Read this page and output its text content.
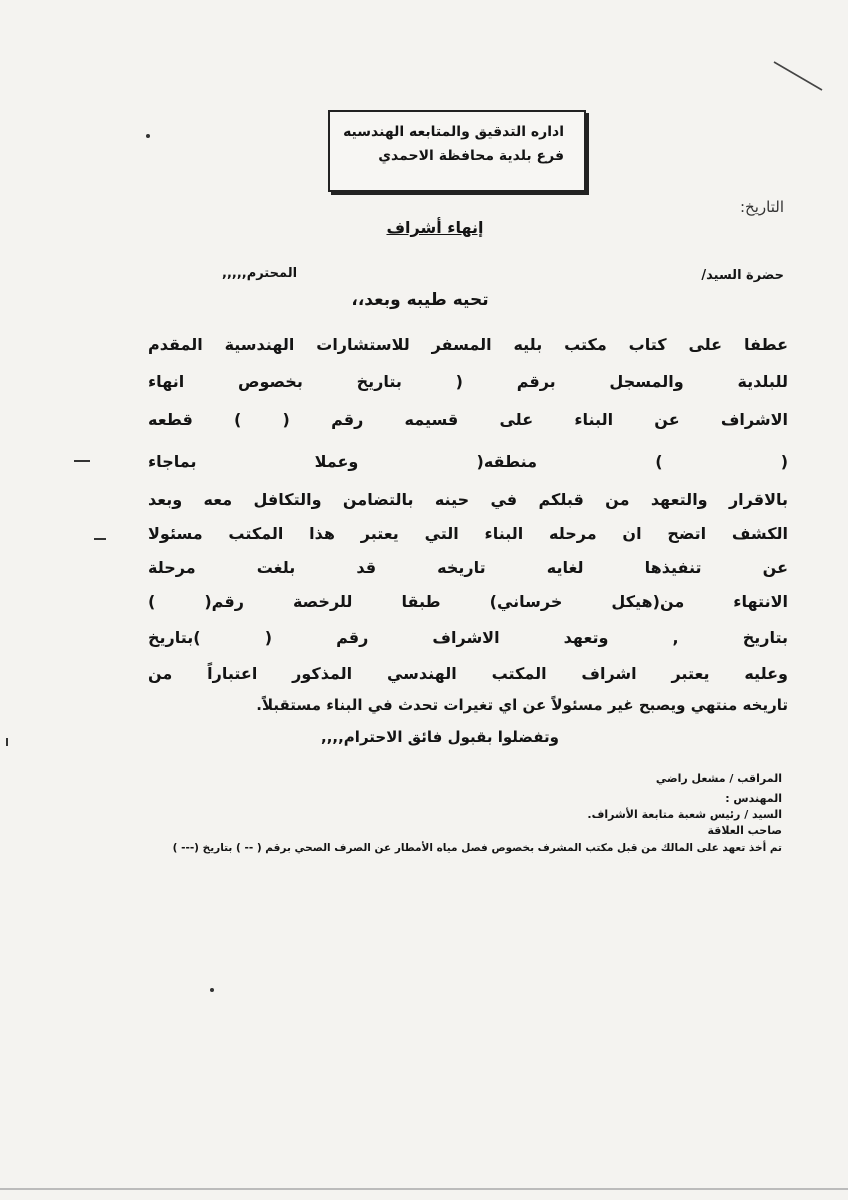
اداره التدقيق والمتابعه الهندسيه
فرع بلدية محافظة الاحمدي
التاريخ:
إنهاء أشراف
حضرة السيد/
المحترم,,,,,
تحيه طيبه وبعد،،
عطفا على كتاب مكتب بليه المسفر للاستشارات الهندسية المقدم
للبلدية والمسجل برقم ( بتاريخ بخصوص انهاء
الاشراف عن البناء على قسيمه رقم ( ) قطعه
( ) منطقه( وعملا بماجاء
بالاقرار والتعهد من قبلكم في حينه بالتضامن والتكافل معه وبعد
الكشف اتضح ان مرحله البناء التي يعتبر هذا المكتب مسئولا
عن تنفيذها لغايه تاريخه قد بلغت مرحلة
الانتهاء من(هيكل خرساني) طبقا للرخصة رقم( )
بتاريخ , وتعهد الاشراف رقم ( )بتاريخ
وعليه يعتبر اشراف المكتب الهندسي المذكور اعتباراً من
تاريخه منتهي ويصبح غير مسئولاً عن اي تغيرات تحدث في البناء مستقبلاً.
وتفضلوا بقبول فائق الاحترام,,,,
المراقب / مشعل راضي
المهندس :
السيد / رئيس شعبة متابعة الأشراف.
صاحب العلاقة
تم أخذ تعهد على المالك من قبل مكتب المشرف بخصوص فصل مياه الأمطار عن الصرف الصحي برقم ( -- ) بتاريخ (--- )
